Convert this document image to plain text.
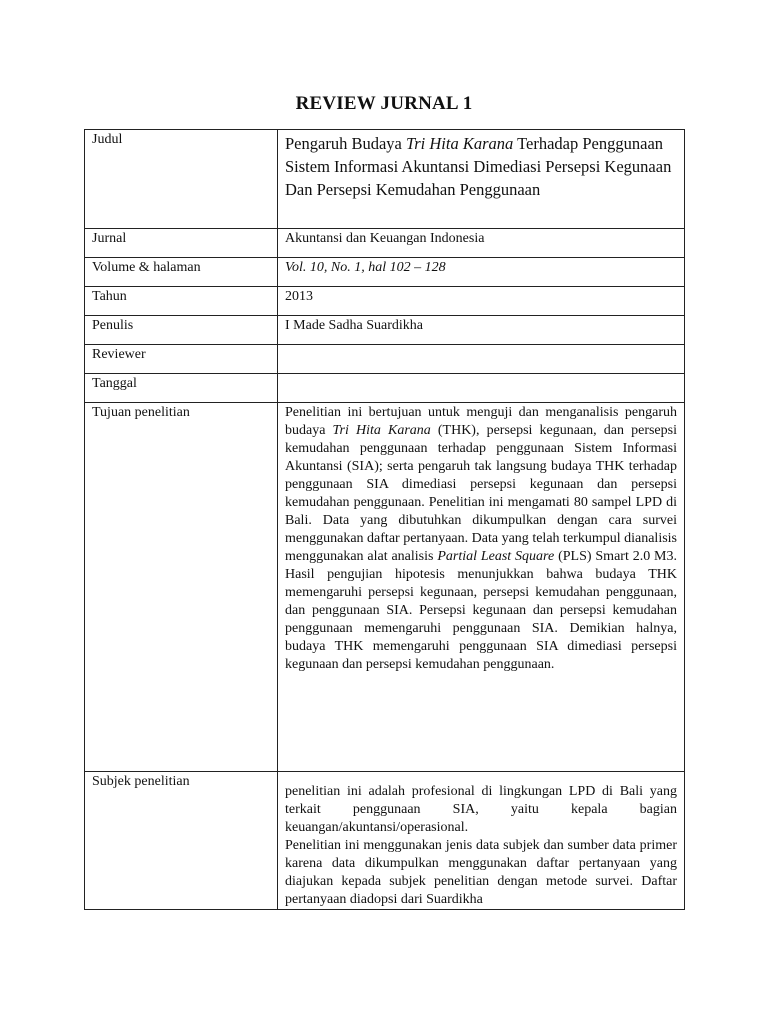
REVIEW JURNAL 1
Judul	Pengaruh Budaya Tri Hita Karana Terhadap Penggunaan Sistem Informasi Akuntansi Dimediasi Persepsi Kegunaan Dan Persepsi Kemudahan Penggunaan
Jurnal	Akuntansi dan Keuangan Indonesia
Volume & halaman	Vol. 10, No. 1, hal 102 – 128
Tahun	2013
Penulis	I Made Sadha Suardikha
Reviewer	
Tanggal	
Tujuan penelitian	Penelitian ini bertujuan untuk menguji dan menganalisis pengaruh budaya Tri Hita Karana (THK), persepsi kegunaan, dan persepsi kemudahan penggunaan terhadap penggunaan Sistem Informasi Akuntansi (SIA); serta pengaruh tak langsung budaya THK terhadap penggunaan SIA dimediasi persepsi kegunaan dan persepsi kemudahan penggunaan. Penelitian ini mengamati 80 sampel LPD di Bali. Data yang dibutuhkan dikumpulkan dengan cara survei menggunakan daftar pertanyaan. Data yang telah terkumpul dianalisis menggunakan alat analisis Partial Least Square (PLS) Smart 2.0 M3. Hasil pengujian hipotesis menunjukkan bahwa budaya THK memengaruhi persepsi kegunaan, persepsi kemudahan penggunaan, dan penggunaan SIA. Persepsi kegunaan dan persepsi kemudahan penggunaan memengaruhi penggunaan SIA. Demikian halnya, budaya THK memengaruhi penggunaan SIA dimediasi persepsi kegunaan dan persepsi kemudahan penggunaan.
Subjek penelitian	penelitian ini adalah profesional di lingkungan LPD di Bali yang terkait penggunaan SIA, yaitu kepala bagian keuangan/akuntansi/operasional.

Penelitian ini menggunakan jenis data subjek dan sumber data primer karena data dikumpulkan menggunakan daftar pertanyaan yang diajukan kepada subjek penelitian dengan metode survei. Daftar pertanyaan diadopsi dari Suardikha
